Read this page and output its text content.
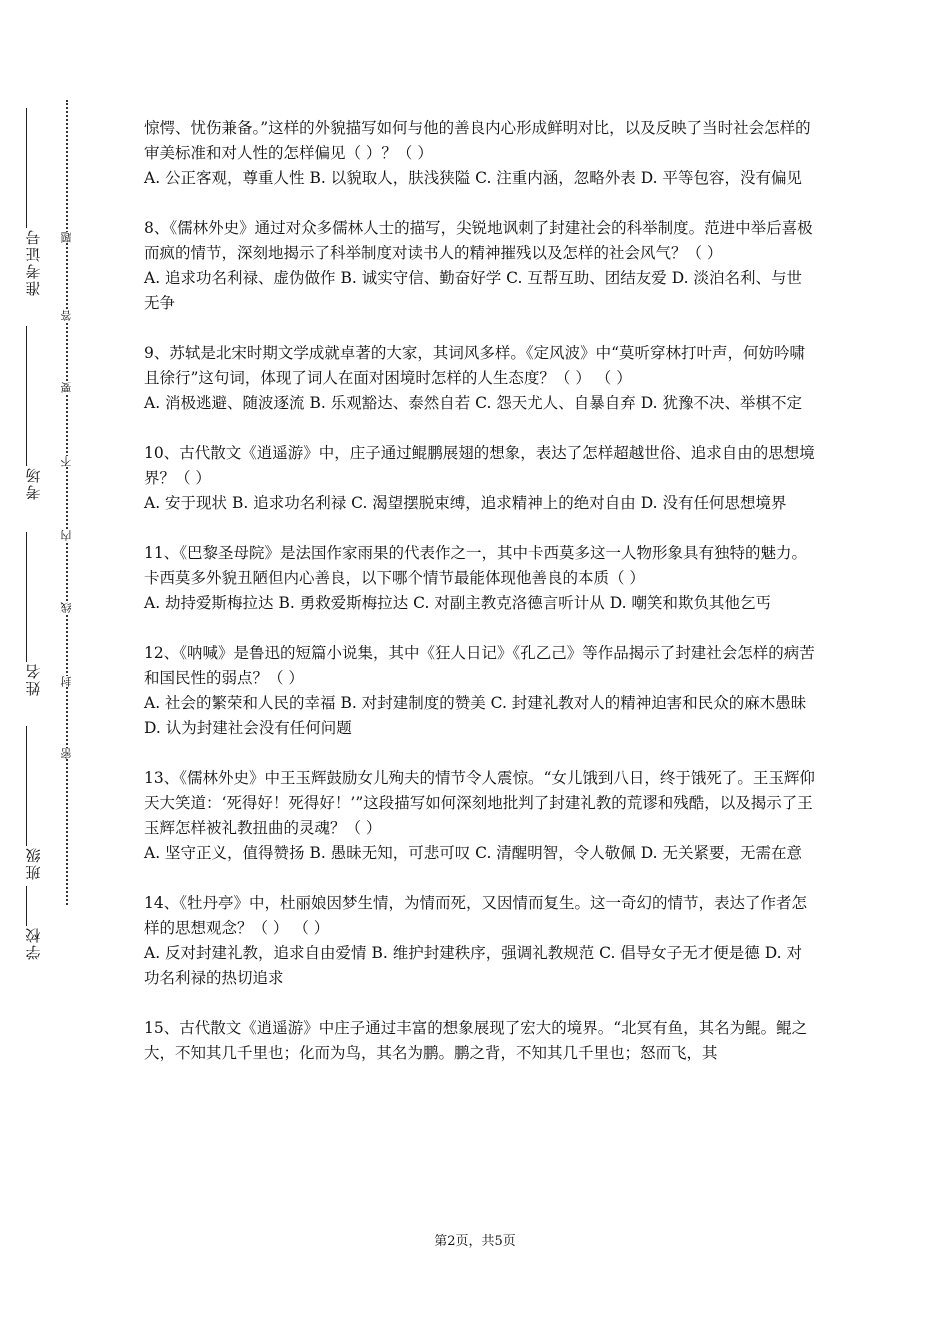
准考证号
考场
姓名
班级
学校
题
答
要
不
内
线
封
密

惊愕、忧伤兼备。”这样的外貌描写如何与他的善良内心形成鲜明对比，以及反映了当时社会怎样的审美标准和对人性的怎样偏见（ ）？（ ）

A. 公正客观，尊重人性 B. 以貌取人，肤浅狭隘 C. 注重内涵，忽略外表 D. 平等包容，没有偏见

8、《儒林外史》通过对众多儒林人士的描写，尖锐地讽刺了封建社会的科举制度。范进中举后喜极而疯的情节，深刻地揭示了科举制度对读书人的精神摧残以及怎样的社会风气？（ ）

A. 追求功名利禄、虚伪做作 B. 诚实守信、勤奋好学 C. 互帮互助、团结友爱 D. 淡泊名利、与世无争

9、苏轼是北宋时期文学成就卓著的大家，其词风多样。《定风波》中“莫听穿林打叶声，何妨吟啸且徐行”这句词，体现了词人在面对困境时怎样的人生态度？（ ） （ ）

A. 消极逃避、随波逐流 B. 乐观豁达、泰然自若 C. 怨天尤人、自暴自弃 D. 犹豫不决、举棋不定

10、古代散文《逍遥游》中，庄子通过鲲鹏展翅的想象，表达了怎样超越世俗、追求自由的思想境界？（ ）

A. 安于现状 B. 追求功名利禄 C. 渴望摆脱束缚，追求精神上的绝对自由 D. 没有任何思想境界

11、《巴黎圣母院》是法国作家雨果的代表作之一，其中卡西莫多这一人物形象具有独特的魅力。卡西莫多外貌丑陋但内心善良，以下哪个情节最能体现他善良的本质（ ）

A. 劫持爱斯梅拉达 B. 勇救爱斯梅拉达 C. 对副主教克洛德言听计从 D. 嘲笑和欺负其他乞丐

12、《呐喊》是鲁迅的短篇小说集，其中《狂人日记》《孔乙己》等作品揭示了封建社会怎样的病苦和国民性的弱点？（ ）

A. 社会的繁荣和人民的幸福 B. 对封建制度的赞美 C. 封建礼教对人的精神迫害和民众的麻木愚昧 D. 认为封建社会没有任何问题

13、《儒林外史》中王玉辉鼓励女儿殉夫的情节令人震惊。“女儿饿到八日，终于饿死了。王玉辉仰天大笑道：‘死得好！死得好！’”这段描写如何深刻地批判了封建礼教的荒谬和残酷，以及揭示了王玉辉怎样被礼教扭曲的灵魂？（ ）

A. 坚守正义，值得赞扬 B. 愚昧无知，可悲可叹 C. 清醒明智，令人敬佩 D. 无关紧要，无需在意

14、《牡丹亭》中，杜丽娘因梦生情，为情而死，又因情而复生。这一奇幻的情节，表达了作者怎样的思想观念？（ ） （ ）

A. 反对封建礼教，追求自由爱情 B. 维护封建秩序，强调礼教规范 C. 倡导女子无才便是德 D. 对功名利禄的热切追求

15、古代散文《逍遥游》中庄子通过丰富的想象展现了宏大的境界。“北冥有鱼，其名为鲲。鲲之大，不知其几千里也；化而为鸟，其名为鹏。鹏之背，不知其几千里也；怒而飞，其

第2页，共5页
